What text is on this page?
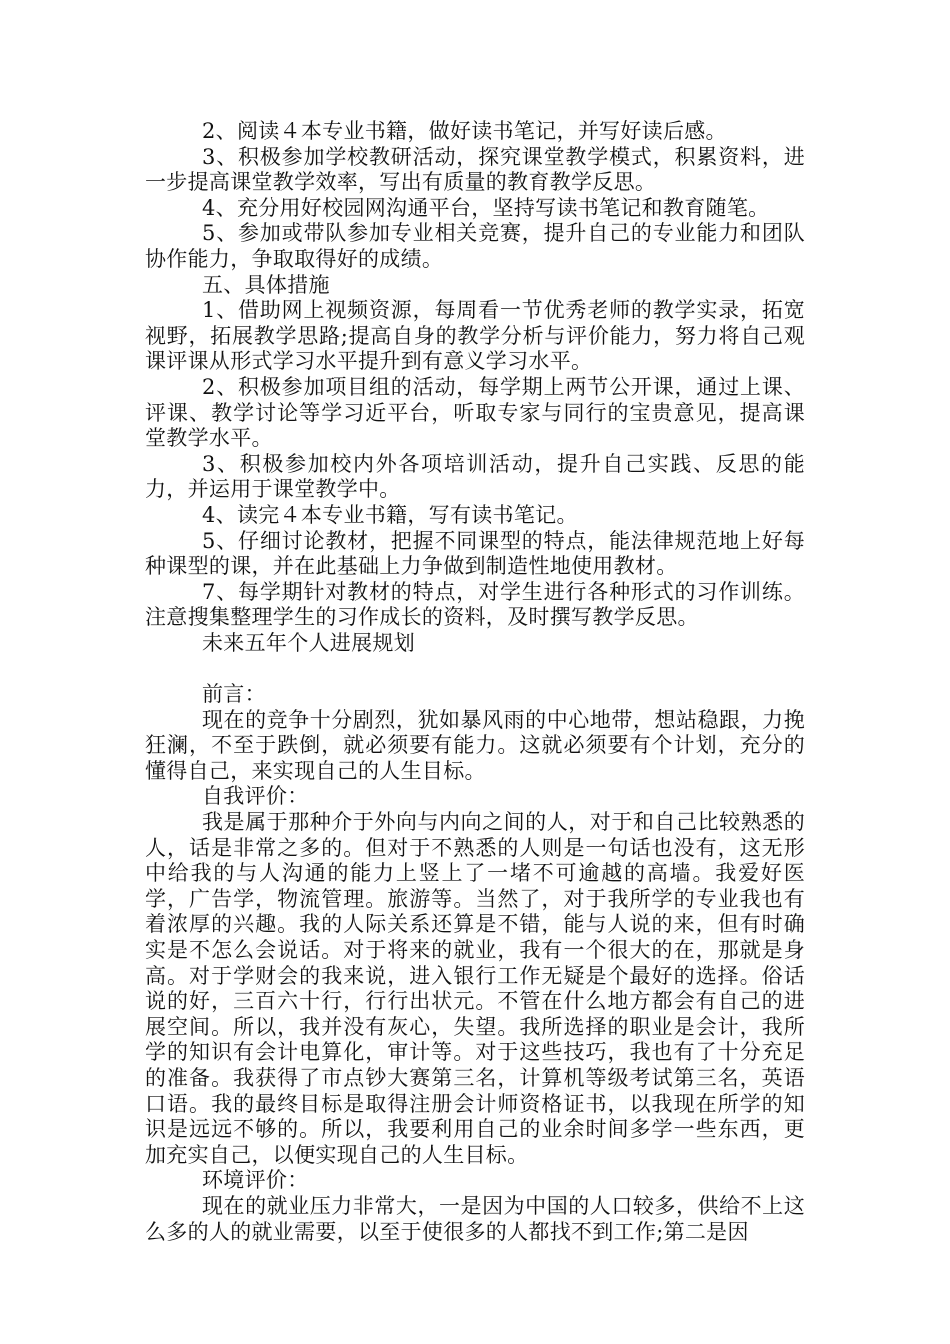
2、阅读４本专业书籍，做好读书笔记，并写好读后感。

3、积极参加学校教研活动，探究课堂教学模式，积累资料，进一步提高课堂教学效率，写出有质量的教育教学反思。

4、充分用好校园网沟通平台，坚持写读书笔记和教育随笔。

5、参加或带队参加专业相关竞赛，提升自己的专业能力和团队协作能力，争取取得好的成绩。

五、具体措施

1、借助网上视频资源，每周看一节优秀老师的教学实录，拓宽视野，拓展教学思路;提高自身的教学分析与评价能力，努力将自己观课评课从形式学习水平提升到有意义学习水平。

2、积极参加项目组的活动，每学期上两节公开课，通过上课、评课、教学讨论等学习近平台，听取专家与同行的宝贵意见，提高课堂教学水平。

3、积极参加校内外各项培训活动，提升自己实践、反思的能力，并运用于课堂教学中。

4、读完４本专业书籍，写有读书笔记。

5、仔细讨论教材，把握不同课型的特点，能法律规范地上好每种课型的课，并在此基础上力争做到制造性地使用教材。

7、每学期针对教材的特点，对学生进行各种形式的习作训练。注意搜集整理学生的习作成长的资料，及时撰写教学反思。

未来五年个人进展规划

前言：

现在的竞争十分剧烈，犹如暴风雨的中心地带，想站稳跟，力挽狂澜，不至于跌倒，就必须要有能力。这就必须要有个计划，充分的懂得自己，来实现自己的人生目标。

自我评价：

我是属于那种介于外向与内向之间的人，对于和自己比较熟悉的人，话是非常之多的。但对于不熟悉的人则是一句话也没有，这无形中给我的与人沟通的能力上竖上了一堵不可逾越的高墙。我爱好医学，广告学，物流管理。旅游等。当然了，对于我所学的专业我也有着浓厚的兴趣。我的人际关系还算是不错，能与人说的来，但有时确实是不怎么会说话。对于将来的就业，我有一个很大的在，那就是身高。对于学财会的我来说，进入银行工作无疑是个最好的选择。俗话说的好，三百六十行，行行出状元。不管在什么地方都会有自己的进展空间。所以，我并没有灰心，失望。我所选择的职业是会计，我所学的知识有会计电算化，审计等。对于这些技巧，我也有了十分充足的准备。我获得了市点钞大赛第三名，计算机等级考试第三名，英语口语。我的最终目标是取得注册会计师资格证书，以我现在所学的知识是远远不够的。所以，我要利用自己的业余时间多学一些东西，更加充实自己，以便实现自己的人生目标。

环境评价：

现在的就业压力非常大，一是因为中国的人口较多，供给不上这么多的人的就业需要，以至于使很多的人都找不到工作;第二是因
